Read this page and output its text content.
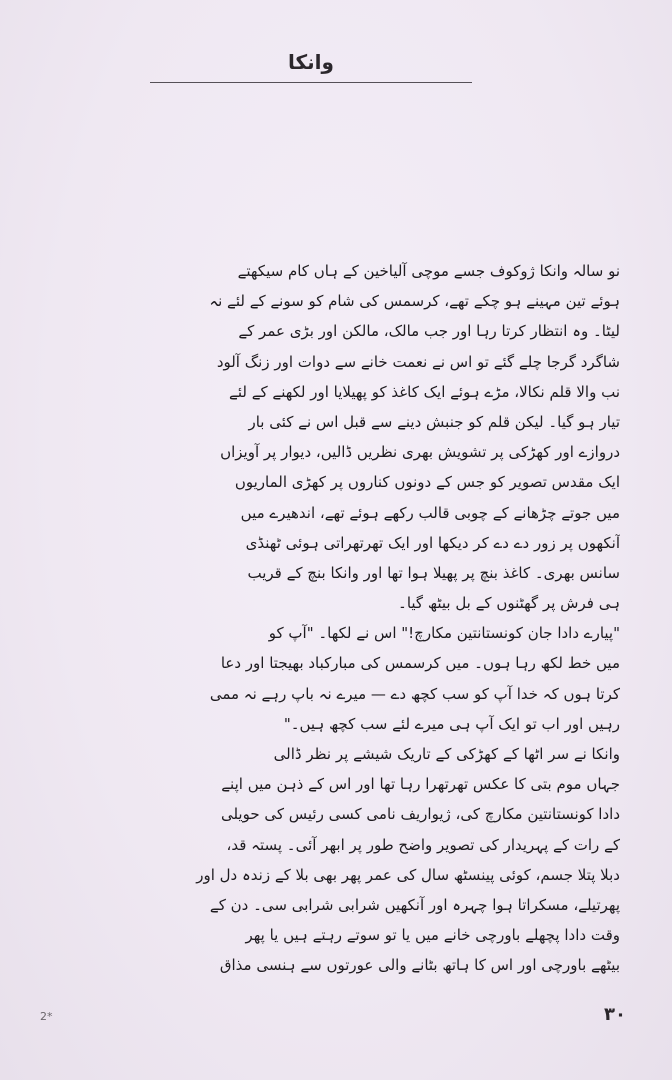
وانکا
نو سالہ وانکا ژوکوف جسے موچی آلیاخین کے ہاں کام سیکھتے
ہوئے تین مہینے ہو چکے تھے، کرسمس کی شام کو سونے کے لئے نہ
لیٹا۔ وہ انتظار کرتا رہا اور جب مالک، مالکن اور بڑی عمر کے
شاگرد گرجا چلے گئے تو اس نے نعمت خانے سے دوات اور زنگ آلود
نب والا قلم نکالا، مڑے ہوئے ایک کاغذ کو پھیلایا اور لکھنے کے لئے
تیار ہو گیا۔ لیکن قلم کو جنبش دینے سے قبل اس نے کئی بار
دروازے اور کھڑکی پر تشویش بھری نظریں ڈالیں، دیوار پر آویزاں
ایک مقدس تصویر کو جس کے دونوں کناروں پر کھڑی الماریوں
میں جوتے چڑھانے کے چوبی قالب رکھے ہوئے تھے، اندھیرے میں
آنکھوں پر زور دے دے کر دیکھا اور ایک تھرتھراتی ہوئی ٹھنڈی
سانس بھری۔ کاغذ بنچ پر پھیلا ہوا تھا اور وانکا بنچ کے قریب
ہی فرش پر گھٹنوں کے بل بیٹھ گیا۔
"پیارے دادا جان کونستانتین مکارچ!" اس نے لکھا۔ "آپ کو
میں خط لکھ رہا ہوں۔ میں کرسمس کی مبارکباد بھیجتا اور دعا
کرتا ہوں کہ خدا آپ کو سب کچھ دے — میرے نہ باپ رہے نہ ممی
رہیں اور اب تو ایک آپ ہی میرے لئے سب کچھ ہیں۔"
وانکا نے سر اٹھا کے کھڑکی کے تاریک شیشے پر نظر ڈالی
جہاں موم بتی کا عکس تھرتھرا رہا تھا اور اس کے ذہن میں اپنے
دادا کونستانتین مکارچ کی، ژیواریف نامی کسی رئیس کی حویلی
کے رات کے پہریدار کی تصویر واضح طور پر ابھر آئی۔ پستہ قد،
دبلا پتلا جسم، کوئی پینسٹھ سال کی عمر پھر بھی بلا کے زندہ دل اور
پھرتیلے، مسکراتا ہوا چہرہ اور آنکھیں شرابی شرابی سی۔ دن کے
وقت دادا پچھلے باورچی خانے میں یا تو سوتے رہتے ہیں یا پھر
بیٹھے باورچی اور اس کا ہاتھ بٹانے والی عورتوں سے ہنسی مذاق
2*	۳۰
